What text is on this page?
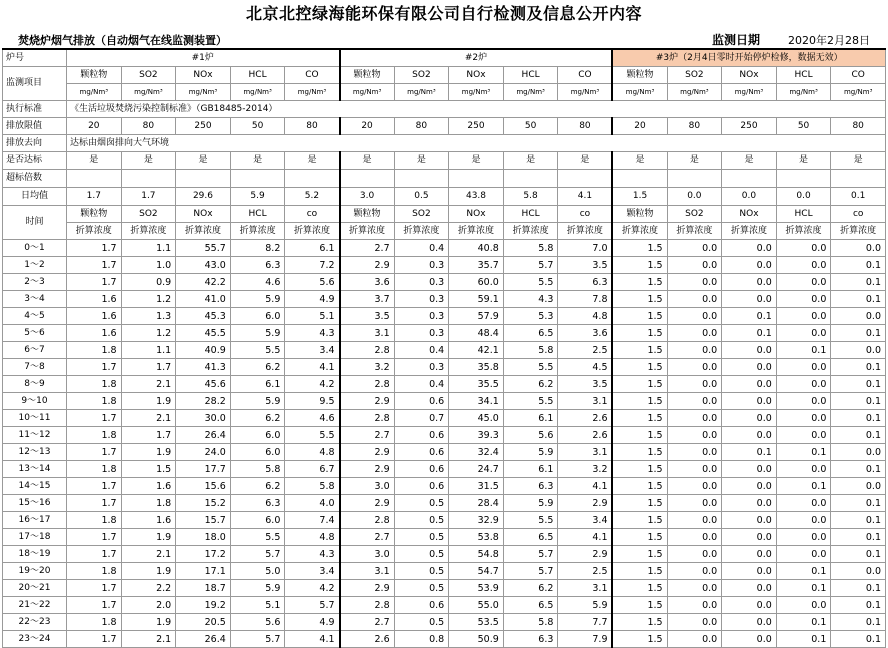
北京北控绿海能环保有限公司自行检测及信息公开内容
焚烧炉烟气排放（自动烟气在线监测装置）	监测日期	2020年2月28日
炉号	#1炉					#2炉					#3炉（2月4日零时开始停炉检修，数据无效）				
监测项目	颗粒物	SO2	NOx	HCL	CO	颗粒物	SO2	NOx	HCL	CO	颗粒物	SO2	NOx	HCL	CO
	mg/Nm³	mg/Nm³	mg/Nm³	mg/Nm³	mg/Nm³	mg/Nm³	mg/Nm³	mg/Nm³	mg/Nm³	mg/Nm³	mg/Nm³	mg/Nm³	mg/Nm³	mg/Nm³	mg/Nm³
执行标准	《生活垃圾焚烧污染控制标准》（GB18485-2014）														
排放限值	20	80	250	50	80	20	80	250	50	80	20	80	250	50	80
排放去向	达标由烟囱排向大气环境														
是否达标	是	是	是	是	是	是	是	是	是	是	是	是	是	是	是
超标倍数															
日均值	1.7	1.7	29.6	5.9	5.2	3.0	0.5	43.8	5.8	4.1	1.5	0.0	0.0	0.0	0.1
时间	颗粒物	SO2	NOx	HCL	co	颗粒物	SO2	NOx	HCL	co	颗粒物	SO2	NOx	HCL	co
	折算浓度	折算浓度	折算浓度	折算浓度	折算浓度	折算浓度	折算浓度	折算浓度	折算浓度	折算浓度	折算浓度	折算浓度	折算浓度	折算浓度	折算浓度
0～1	1.7	1.1	55.7	8.2	6.1	2.7	0.4	40.8	5.8	7.0	1.5	0.0	0.0	0.0	0.0
1～2	1.7	1.0	43.0	6.3	7.2	2.9	0.3	35.7	5.7	3.5	1.5	0.0	0.0	0.0	0.1
2～3	1.7	0.9	42.2	4.6	5.6	3.6	0.3	60.0	5.5	6.3	1.5	0.0	0.0	0.0	0.1
3～4	1.6	1.2	41.0	5.9	4.9	3.7	0.3	59.1	4.3	7.8	1.5	0.0	0.0	0.0	0.1
4～5	1.6	1.3	45.3	6.0	5.1	3.5	0.3	57.9	5.3	4.8	1.5	0.0	0.1	0.0	0.0
5～6	1.6	1.2	45.5	5.9	4.3	3.1	0.3	48.4	6.5	3.6	1.5	0.0	0.1	0.0	0.1
6～7	1.8	1.1	40.9	5.5	3.4	2.8	0.4	42.1	5.8	2.5	1.5	0.0	0.0	0.1	0.0
7～8	1.7	1.7	41.3	6.2	4.1	3.2	0.3	35.8	5.5	4.5	1.5	0.0	0.0	0.0	0.1
8～9	1.8	2.1	45.6	6.1	4.2	2.8	0.4	35.5	6.2	3.5	1.5	0.0	0.0	0.0	0.1
9～10	1.8	1.9	28.2	5.9	9.5	2.9	0.6	34.1	5.5	3.1	1.5	0.0	0.0	0.0	0.1
10～11	1.7	2.1	30.0	6.2	4.6	2.8	0.7	45.0	6.1	2.6	1.5	0.0	0.0	0.0	0.1
11～12	1.8	1.7	26.4	6.0	5.5	2.7	0.6	39.3	5.6	2.6	1.5	0.0	0.0	0.0	0.1
12～13	1.7	1.9	24.0	6.0	4.8	2.9	0.6	32.4	5.9	3.1	1.5	0.0	0.1	0.1	0.0
13～14	1.8	1.5	17.7	5.8	6.7	2.9	0.6	24.7	6.1	3.2	1.5	0.0	0.0	0.0	0.1
14～15	1.7	1.6	15.6	6.2	5.8	3.0	0.6	31.5	6.3	4.1	1.5	0.0	0.0	0.1	0.0
15～16	1.7	1.8	15.2	6.3	4.0	2.9	0.5	28.4	5.9	2.9	1.5	0.0	0.0	0.0	0.1
16～17	1.8	1.6	15.7	6.0	7.4	2.8	0.5	32.9	5.5	3.4	1.5	0.0	0.0	0.0	0.1
17～18	1.7	1.9	18.0	5.5	4.8	2.7	0.5	53.8	6.5	4.1	1.5	0.0	0.0	0.0	0.1
18～19	1.7	2.1	17.2	5.7	4.3	3.0	0.5	54.8	5.7	2.9	1.5	0.0	0.0	0.0	0.1
19～20	1.8	1.9	17.1	5.0	3.4	3.1	0.5	54.7	5.7	2.5	1.5	0.0	0.0	0.1	0.0
20～21	1.7	2.2	18.7	5.9	4.2	2.9	0.5	53.9	6.2	3.1	1.5	0.0	0.0	0.1	0.1
21～22	1.7	2.0	19.2	5.1	5.7	2.8	0.6	55.0	6.5	5.9	1.5	0.0	0.0	0.0	0.1
22～23	1.8	1.9	20.5	5.6	4.9	2.7	0.5	53.5	5.8	7.7	1.5	0.0	0.0	0.1	0.1
23～24	1.7	2.1	26.4	5.7	4.1	2.6	0.8	50.9	6.3	7.9	1.5	0.0	0.0	0.1	0.1
